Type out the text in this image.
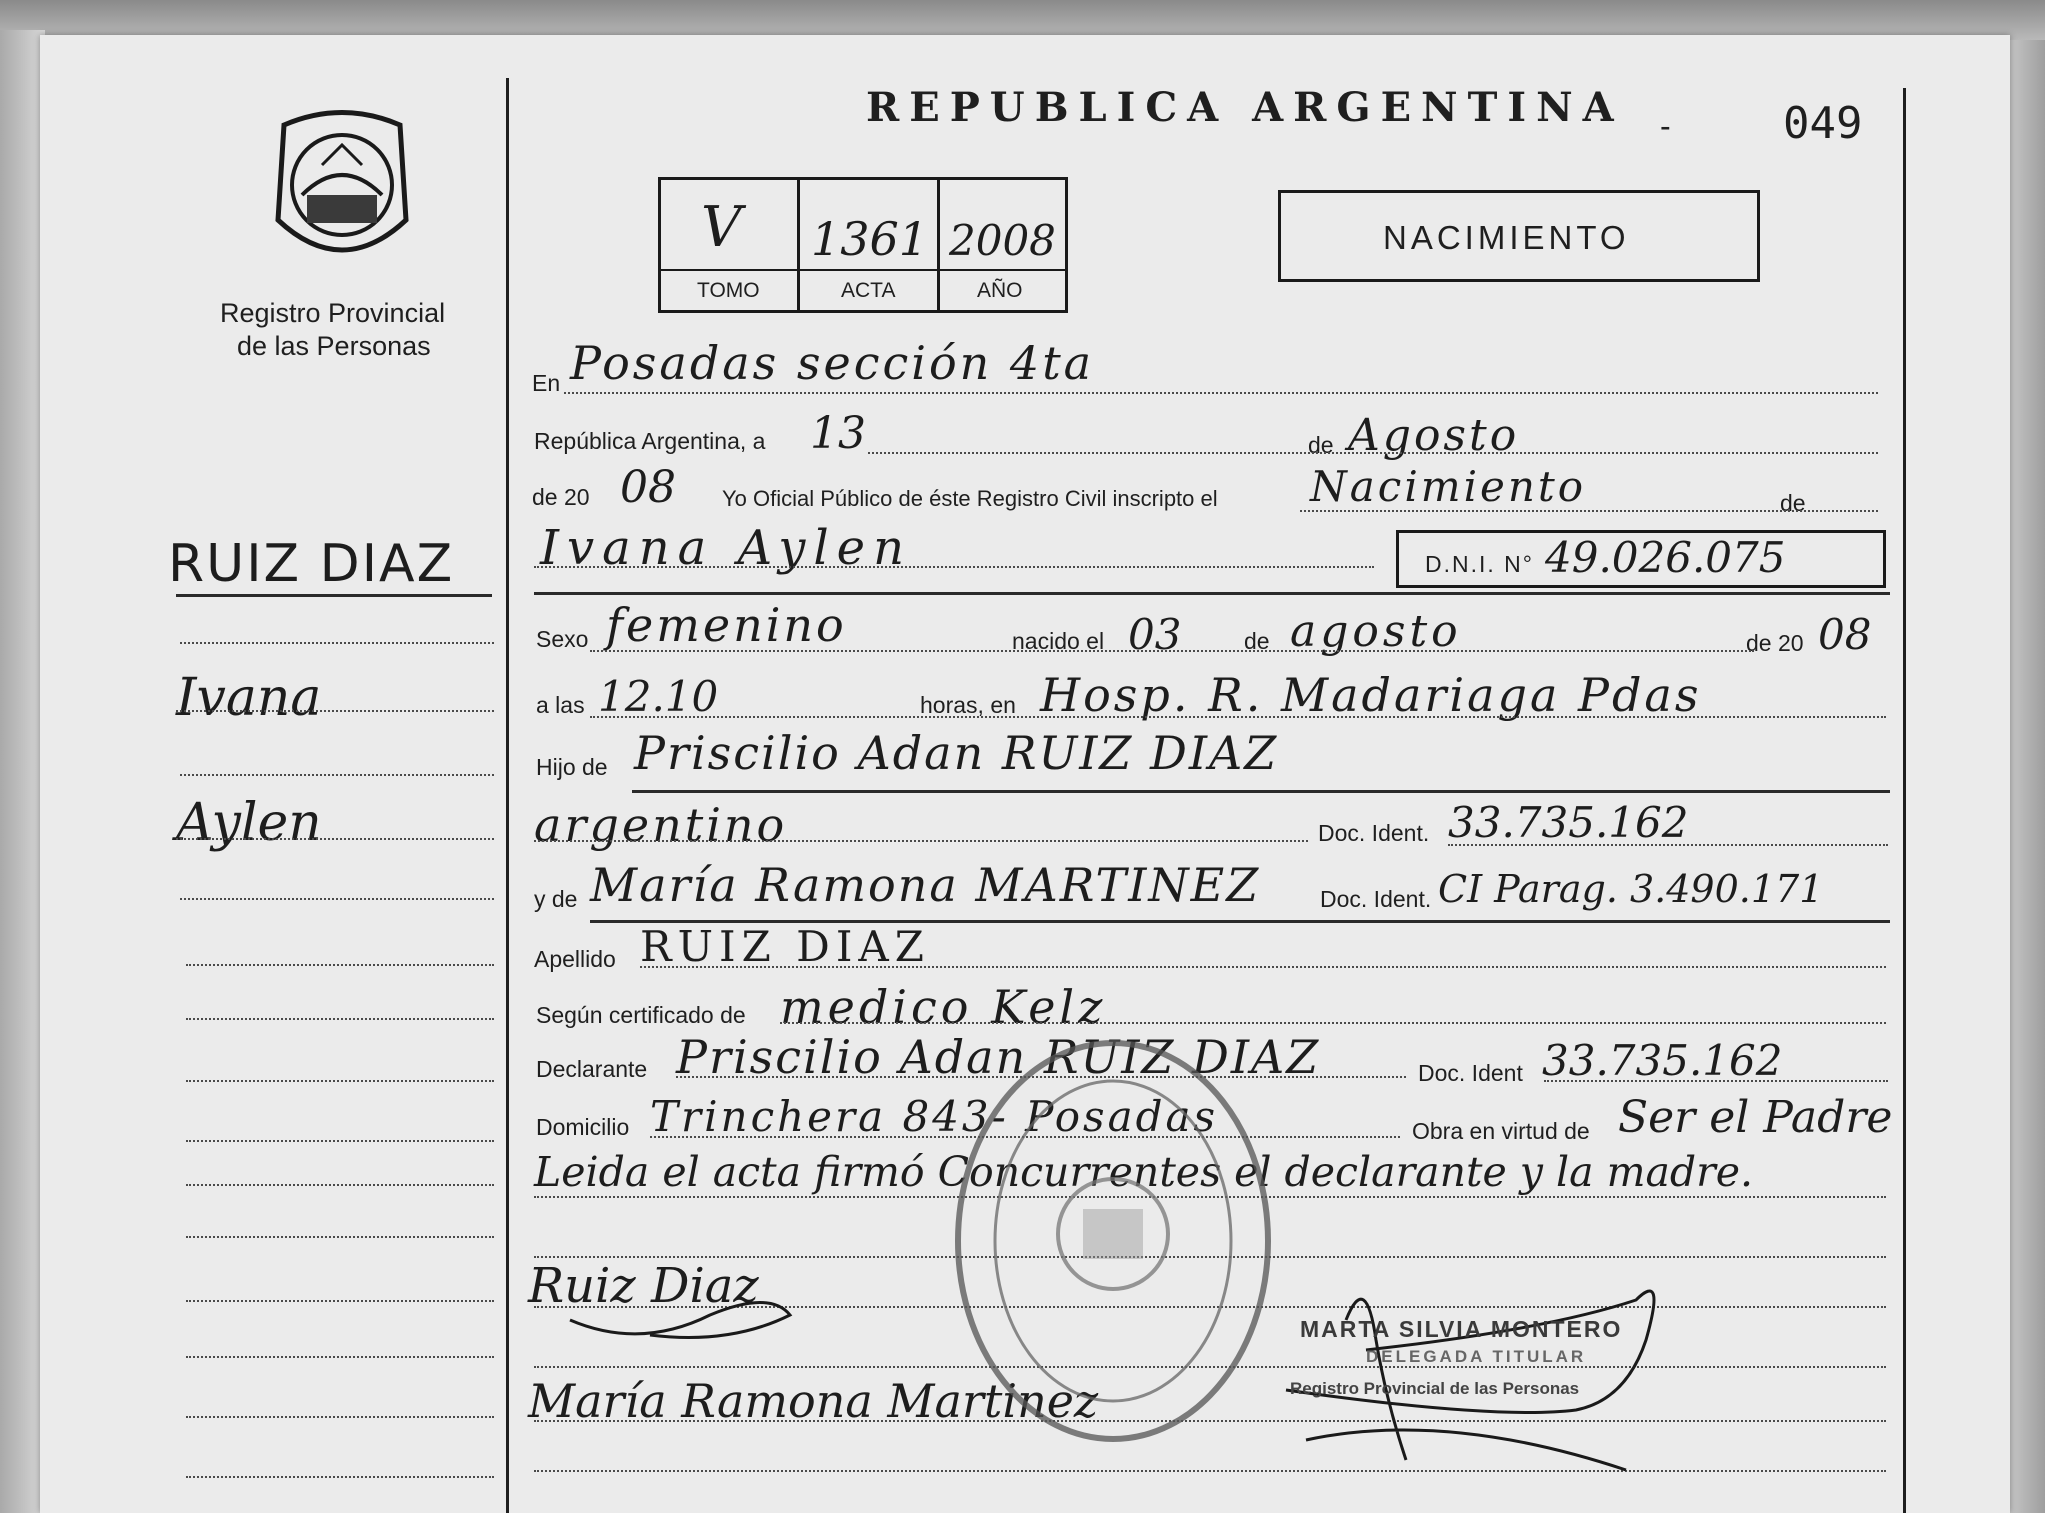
REPUBLICA ARGENTINA -	049
Registro Provincial
de las Personas
V 1361 2008
TOMO	ACTA	AÑO
NACIMIENTO
RUIZ DIAZ
Ivana
Aylen
En Posadas sección 4ta
República Argentina, a 13	de Agosto
de 20 08 Yo Oficial Público de éste Registro Civil inscripto el Nacimiento	de
Ivana Aylen	D.N.I. N° 49.026.075
Sexo femenino	nacido el 03	de agosto	de 20 08
a las 12.10	horas, en Hosp. R. Madariaga Pdas
Hijo de Priscilio Adan RUIZ DIAZ
argentino	Doc. Ident. 33.735.162
y de María Ramona MARTINEZ	Doc. Ident. CI Parag. 3.490.171
Apellido RUIZ DIAZ
Según certificado de medico Kelz
Declarante Priscilio Adan RUIZ DIAZ	Doc. Ident 33.735.162
Domicilio Trinchera 843- Posadas	Obra en virtud de Ser el Padre
Leida el acta firmó Concurrentes el declarante y la madre.
Ruiz Diaz
María Ramona Martinez
MARTA SILVIA MONTERO
DELEGADA TITULAR
Registro Provincial de las Personas
